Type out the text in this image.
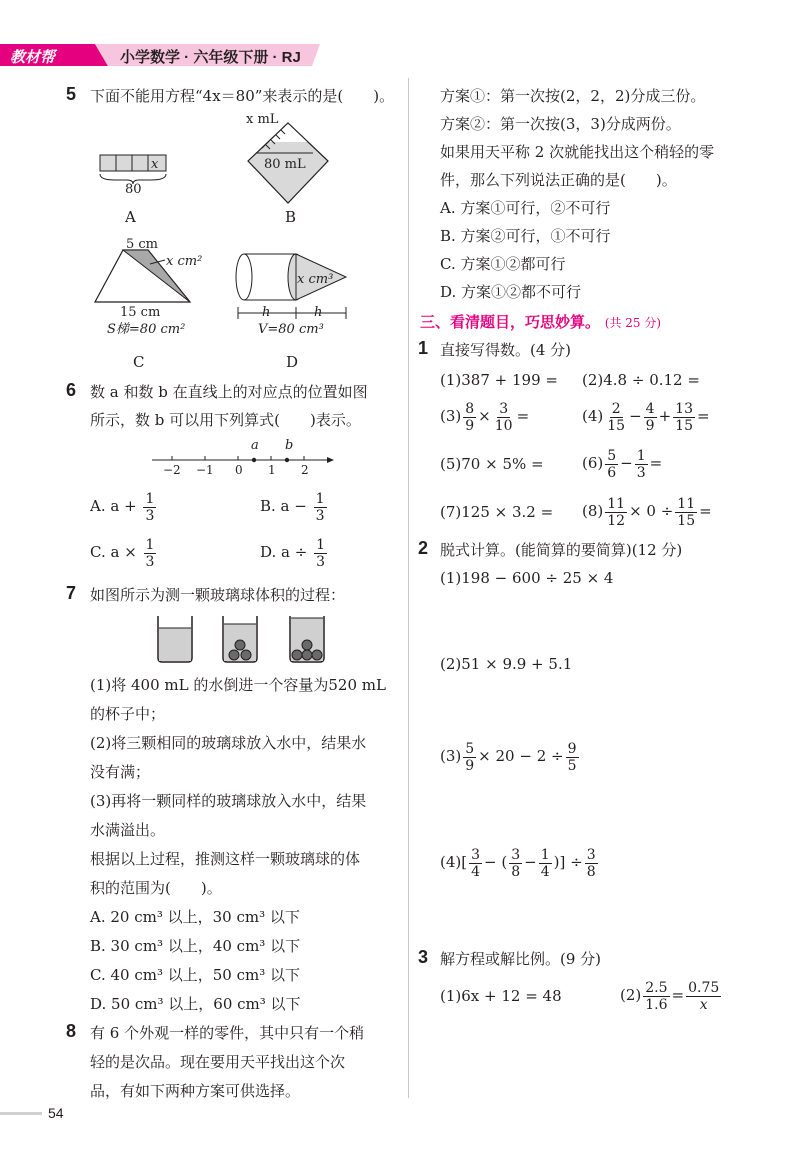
教材帮	小学数学 · 六年级下册 · RJ
5 下面不能用方程“4x＝80”来表示的是(　　)。
x
80
A
x mL
80 mL
B
5 cm
x cm²
15 cm
S梯=80 cm²
C
x cm³
h	h
V=80 cm³
D
6 数 a 和数 b 在直线上的对应点的位置如图
所示，数 b 可以用下列算式(　　)表示。
−2 −1 0 1 2
a b
A. $a + \frac{1}{3}$	B. $a - \frac{1}{3}$
C. $a \times \frac{1}{3}$	D. $a \div \frac{1}{3}$
7 如图所示为测一颗玻璃球体积的过程：
(1)将 400 mL 的水倒进一个容量为520 mL
的杯子中；
(2)将三颗相同的玻璃球放入水中，结果水
没有满；
(3)再将一颗同样的玻璃球放入水中，结果
水满溢出。
根据以上过程，推测这样一颗玻璃球的体
积的范围为(　　)。
A. 20 cm³ 以上，30 cm³ 以下
B. 30 cm³ 以上，40 cm³ 以下
C. 40 cm³ 以上，50 cm³ 以下
D. 50 cm³ 以上，60 cm³ 以下
8 有 6 个外观一样的零件，其中只有一个稍
轻的是次品。现在要用天平找出这个次
品，有如下两种方案可供选择。
方案①：第一次按(2，2，2)分成三份。
方案②：第一次按(3，3)分成两份。
如果用天平称 2 次就能找出这个稍轻的零
件，那么下列说法正确的是(　　)。
A. 方案①可行，②不可行
B. 方案②可行，①不可行
C. 方案①②都可行
D. 方案①②都不可行
三、看清题目，巧思妙算。 (共 25 分)
1 直接写得数。(4 分)
(1)387 + 199 = (2)4.8 ÷ 0.12 =
$(3) \frac{8}{9} \times \frac{3}{10}$ =	$(4) \frac{2}{15} - \frac{4}{9} + \frac{13}{15}$ =
(5)70 × 5% =	$(6) \frac{5}{6} - \frac{1}{3}$ =
$(7)125 \times 3.2 = (8) \frac{11}{12} \times 0 \div \frac{11}{15}$ =
2 脱式计算。(能简算的要简算)(12 分)
(1)198 − 600 ÷ 25 × 4
(2)51 × 9.9 + 5.1
$(3) \frac{5}{9} \times 20 - 2 \div \frac{9}{5}$
$(4)[ \frac{3}{4}$ − ( $\frac{3}{8} - \frac{1}{4}$ )] ÷ $\frac{3}{8}$
3 解方程或解比例。(9 分)
(1)6x + 12 = 48	$(2) \frac{2.5}{1.6} = \frac{0.75}{x}$
54
